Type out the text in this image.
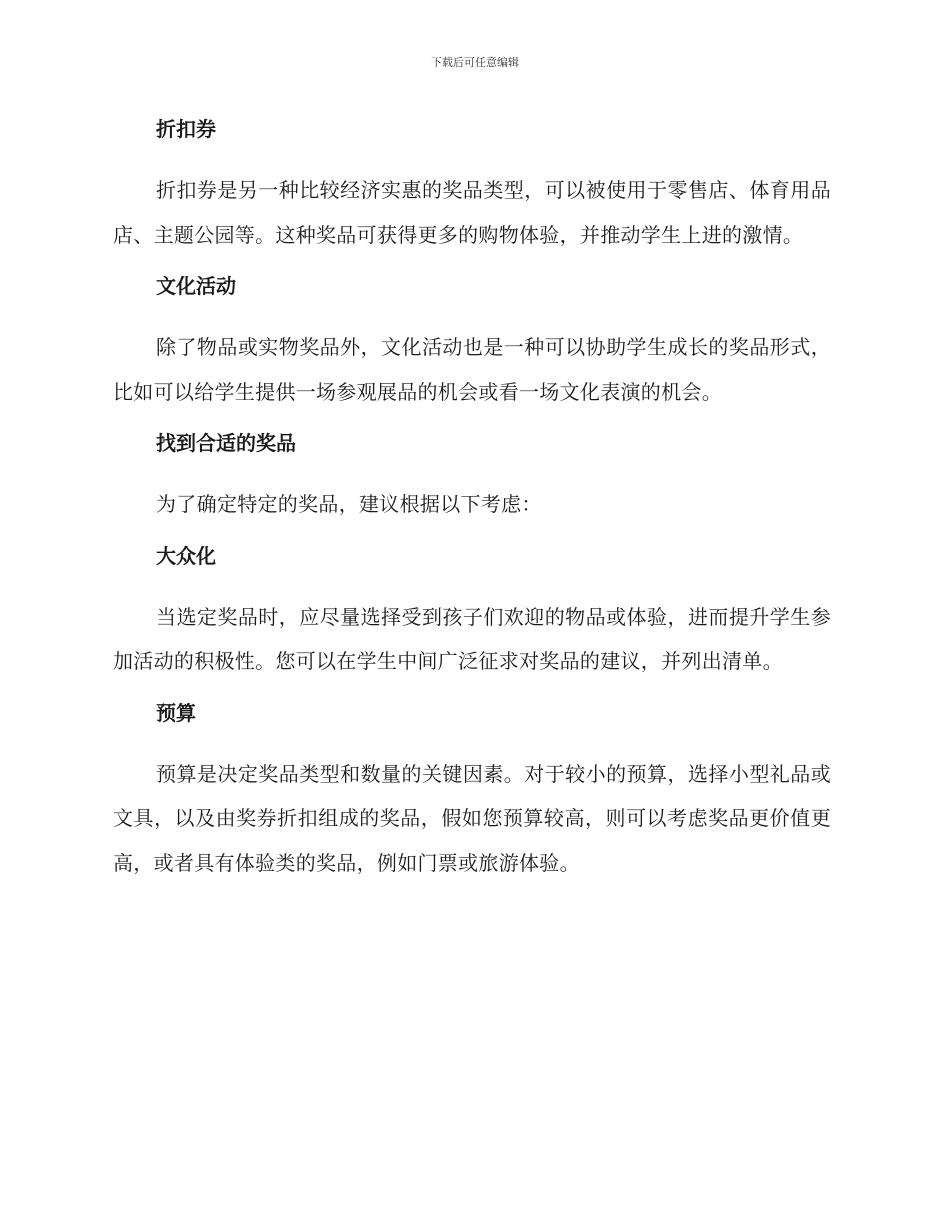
下载后可任意编辑
折扣券

折扣券是另一种比较经济实惠的奖品类型，可以被使用于零售店、体育用品店、主题公园等。这种奖品可获得更多的购物体验，并推动学生上进的激情。

文化活动

除了物品或实物奖品外，文化活动也是一种可以协助学生成长的奖品形式，比如可以给学生提供一场参观展品的机会或看一场文化表演的机会。

找到合适的奖品

为了确定特定的奖品，建议根据以下考虑：

大众化

当选定奖品时，应尽量选择受到孩子们欢迎的物品或体验，进而提升学生参加活动的积极性。您可以在学生中间广泛征求对奖品的建议，并列出清单。

预算

预算是决定奖品类型和数量的关键因素。对于较小的预算，选择小型礼品或文具，以及由奖券折扣组成的奖品，假如您预算较高，则可以考虑奖品更价值更高，或者具有体验类的奖品，例如门票或旅游体验。
